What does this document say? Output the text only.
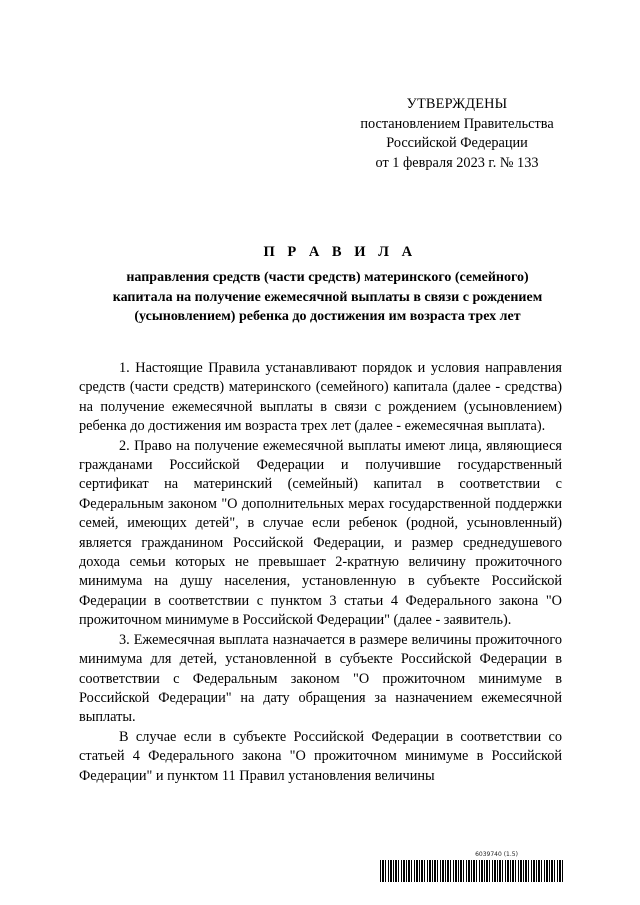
УТВЕРЖДЕНЫ
постановлением Правительства
Российской Федерации
от 1 февраля 2023 г. № 133
П Р А В И Л А
направления средств (части средств) материнского (семейного)
капитала на получение ежемесячной выплаты в связи с рождением
(усыновлением) ребенка до достижения им возраста трех лет

1. Настоящие Правила устанавливают порядок и условия направления средств (части средств) материнского (семейного) капитала (далее - средства) на получение ежемесячной выплаты в связи с рождением (усыновлением) ребенка до достижения им возраста трех лет (далее - ежемесячная выплата).

2. Право на получение ежемесячной выплаты имеют лица, являющиеся гражданами Российской Федерации и получившие государственный сертификат на материнский (семейный) капитал в соответствии с Федеральным законом "О дополнительных мерах государственной поддержки семей, имеющих детей", в случае если ребенок (родной, усыновленный) является гражданином Российской Федерации, и размер среднедушевого дохода семьи которых не превышает 2-кратную величину прожиточного минимума на душу населения, установленную в субъекте Российской Федерации в соответствии с пунктом 3 статьи 4 Федерального закона "О прожиточном минимуме в Российской Федерации" (далее - заявитель).

3. Ежемесячная выплата назначается в размере величины прожиточного минимума для детей, установленной в субъекте Российской Федерации в соответствии с Федеральным законом "О прожиточном минимуме в Российской Федерации" на дату обращения за назначением ежемесячной выплаты.

В случае если в субъекте Российской Федерации в соответствии со статьей 4 Федерального закона "О прожиточном минимуме в Российской Федерации" и пунктом 11 Правил установления величины

6039740 (1.5)
